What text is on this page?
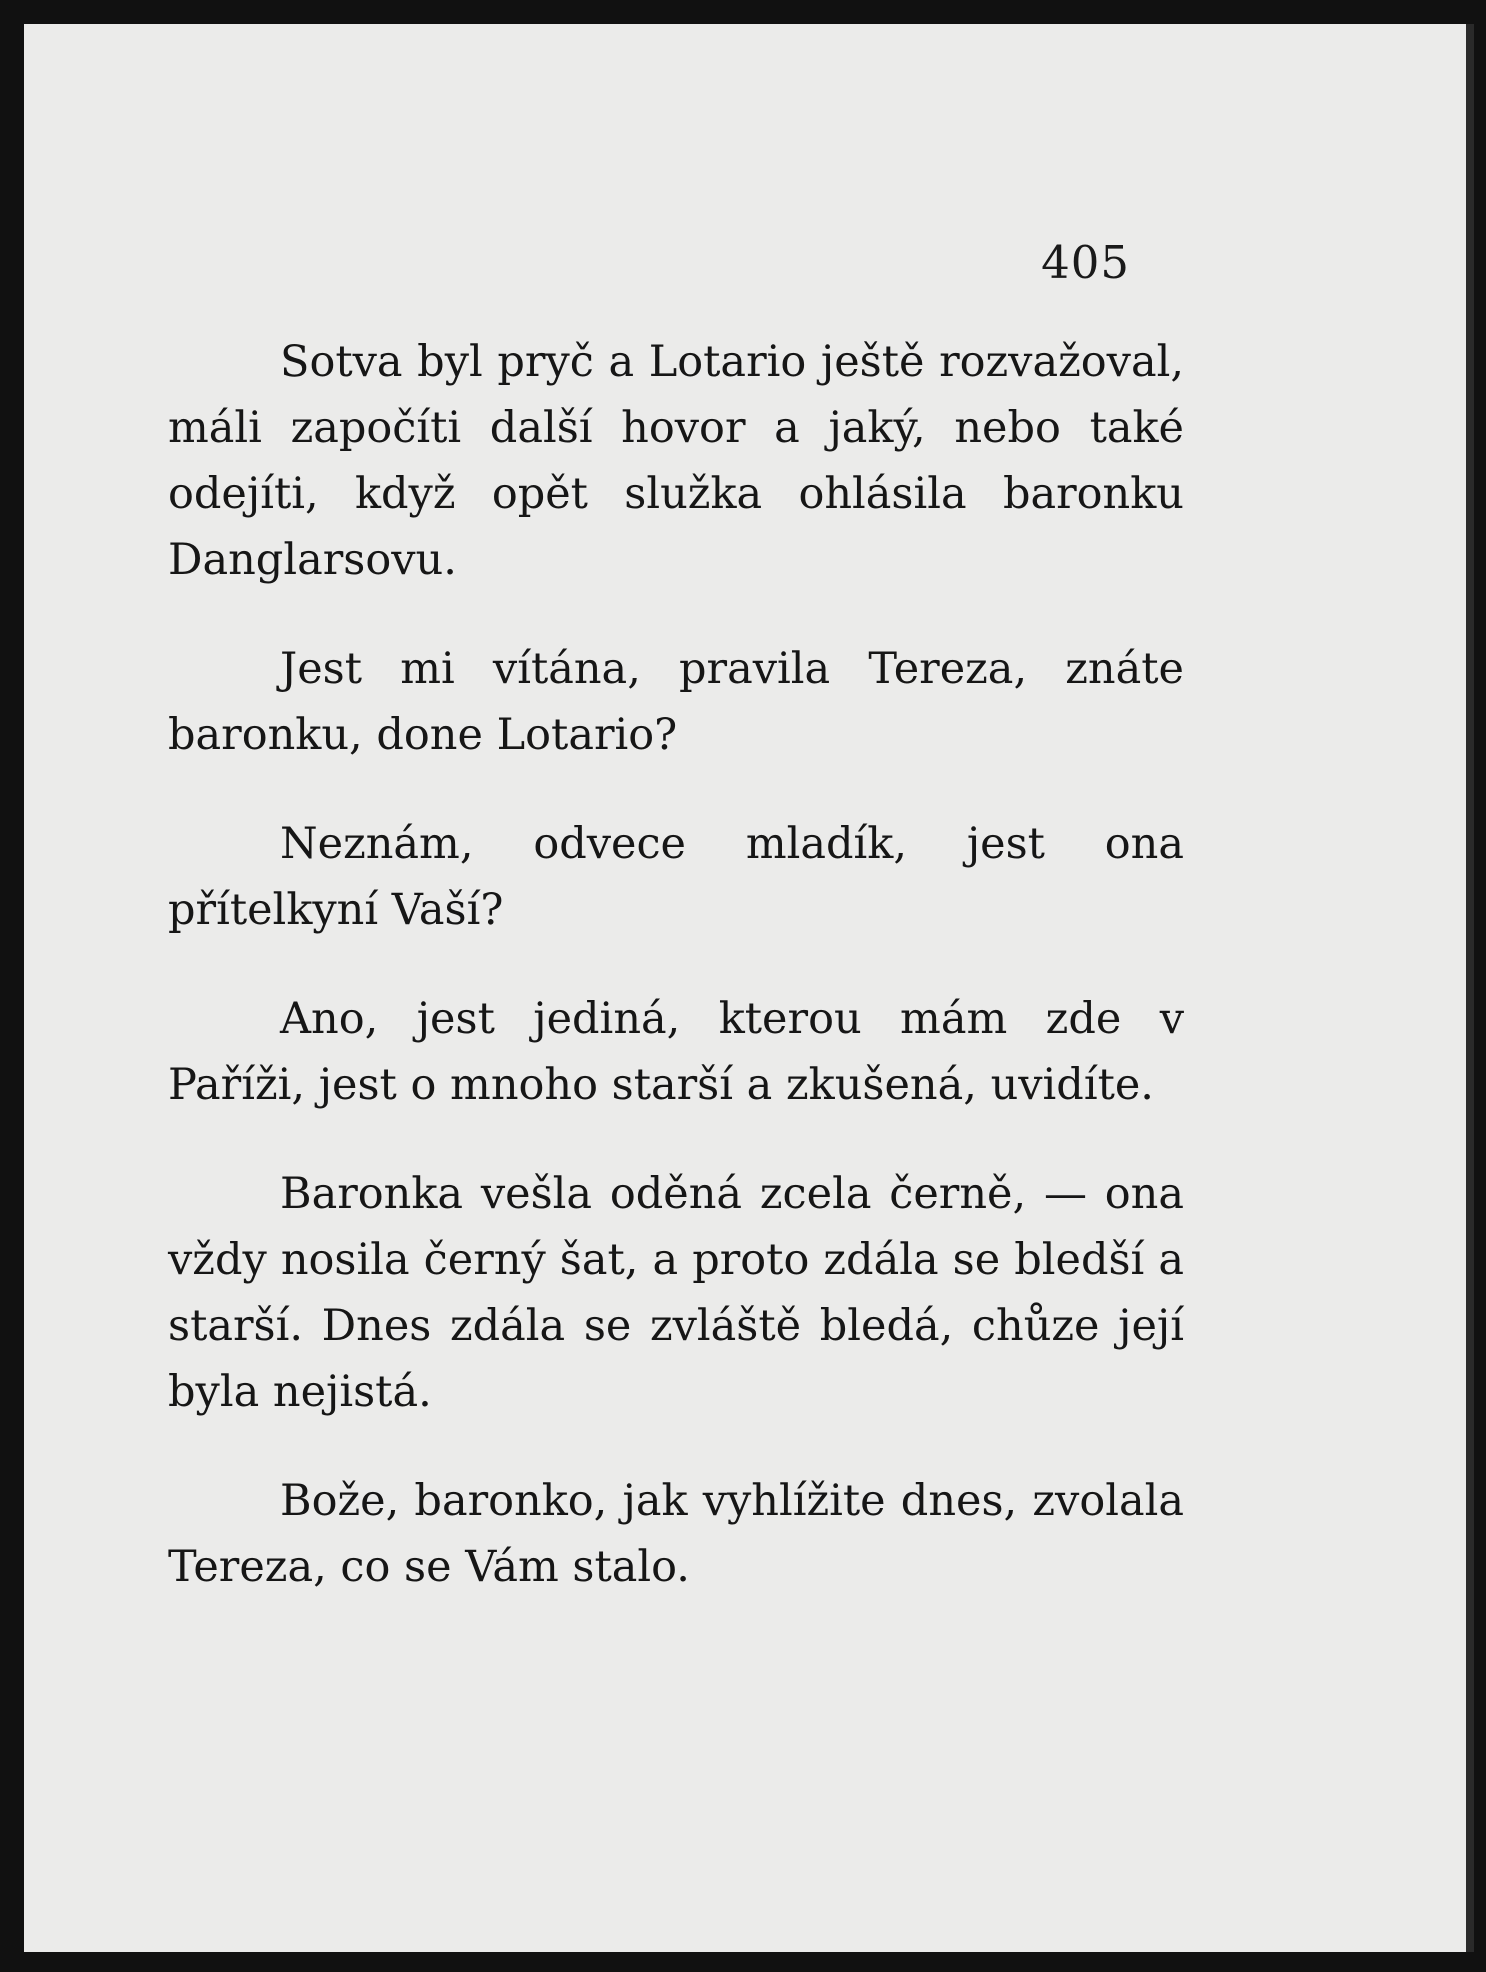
405

Sotva byl pryč a Lotario ještě rozvažoval, máli započíti další hovor a jaký, nebo také odejíti, když opět služka ohlásila baronku Danglarsovu.

Jest mi vítána, pravila Tereza, znáte baronku, done Lotario?

Neznám, odvece mladík, jest ona přítelkyní Vaší?

Ano, jest jediná, kterou mám zde v Paříži, jest o mnoho starší a zkušená, uvidíte.

Baronka vešla oděná zcela černě, — ona vždy nosila černý šat, a proto zdála se bledší a starší. Dnes zdála se zvláště bledá, chůze její byla nejistá.

Bože, baronko, jak vyhlížite dnes, zvolala Tereza, co se Vám stalo.
